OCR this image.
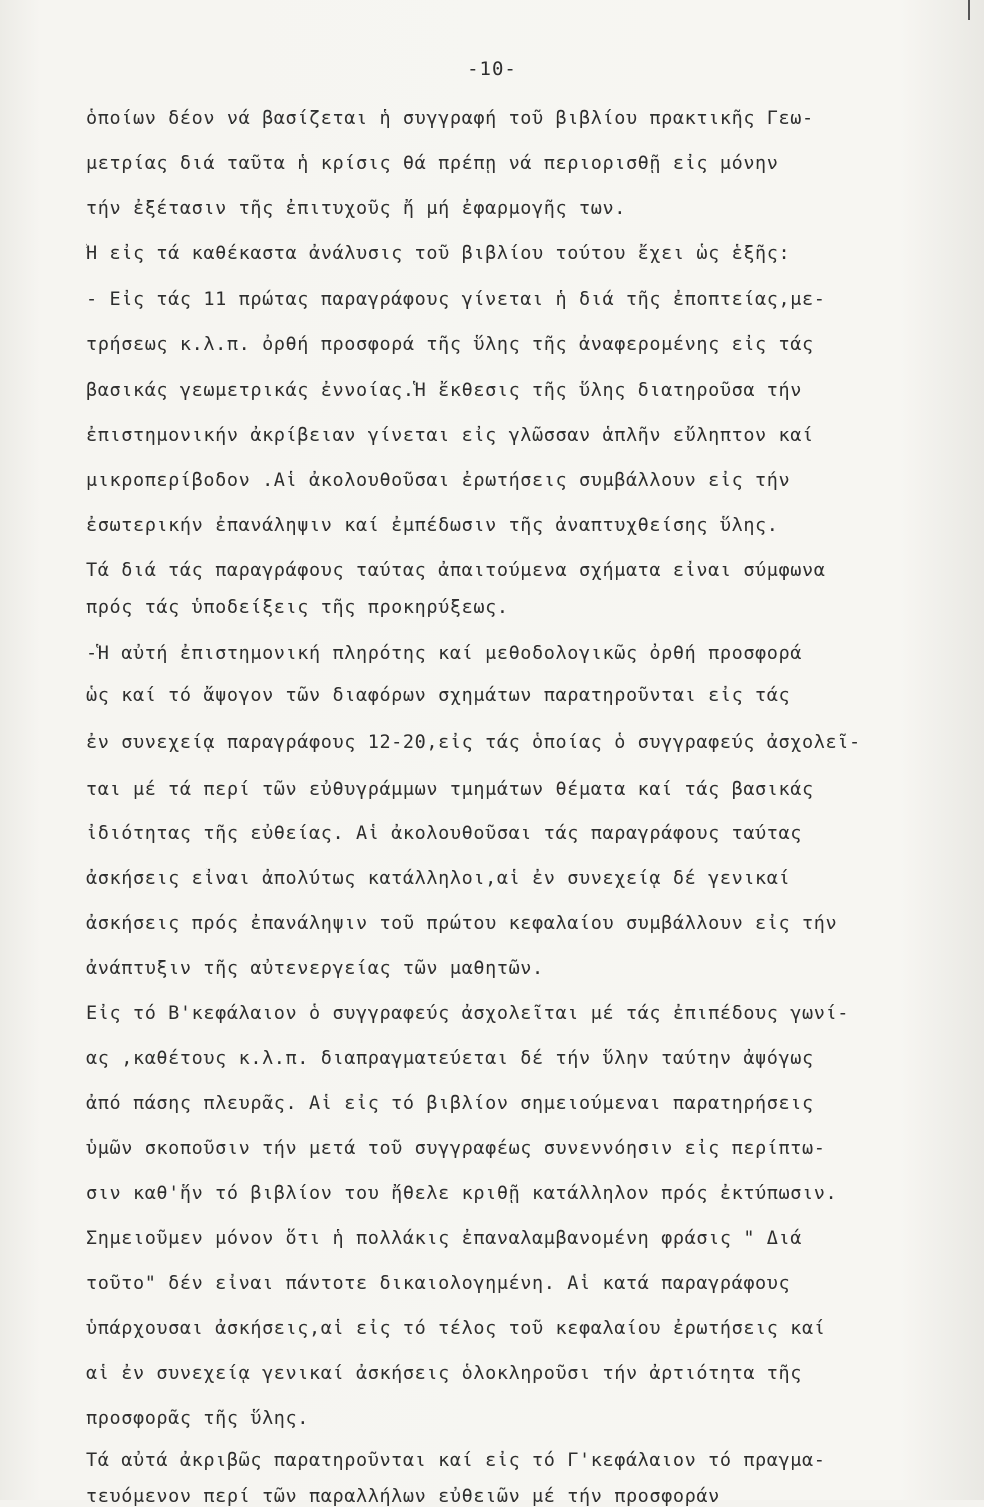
-10-
ὁποίων δέον νά βασίζεται ἡ συγγραφή τοῦ βιβλίου πρακτικῆς Γεω-
μετρίας διά ταῦτα ἡ κρίσις θά πρέπῃ νά περιορισθῇ εἰς μόνην
τήν ἐξέτασιν τῆς ἐπιτυχοῦς ἤ μή ἐφαρμογῆς των.
Ἡ εἰς τά καθέκαστα ἀνάλυσις τοῦ βιβλίου τούτου ἔχει ὡς ἑξῆς:
- Εἰς τάς 11 πρώτας παραγράφους γίνεται ἡ διά τῆς ἐποπτείας,με-
τρήσεως κ.λ.π. ὀρθή προσφορά τῆς ὕλης τῆς ἀναφερομένης εἰς τάς
βασικάς γεωμετρικάς ἐννοίας.Ἡ ἔκθεσις τῆς ὕλης διατηροῦσα τήν
ἐπιστημονικήν ἀκρίβειαν γίνεται εἰς γλῶσσαν ἁπλῆν εὔληπτον καί
μικροπερίβοδον .Αἱ ἀκολουθοῦσαι ἐρωτήσεις συμβάλλουν εἰς τήν
ἐσωτερικήν ἐπανάληψιν καί ἐμπέδωσιν τῆς ἀναπτυχθείσης ὕλης.
Τά διά τάς παραγράφους ταύτας ἀπαιτούμενα σχήματα εἶναι σύμφωνα
πρός τάς ὑποδείξεις τῆς προκηρύξεως.
-Ἡ αὐτή ἐπιστημονική πληρότης καί μεθοδολογικῶς ὀρθή προσφορά
ὡς καί τό ἄψογον τῶν διαφόρων σχημάτων παρατηροῦνται εἰς τάς
ἐν συνεχείᾳ παραγράφους 12-20,εἰς τάς ὁποίας ὁ συγγραφεύς ἀσχολεῖ-
ται μέ τά περί τῶν εὐθυγράμμων τμημάτων θέματα καί τάς βασικάς
ἰδιότητας τῆς εὐθείας. Αἱ ἀκολουθοῦσαι τάς παραγράφους ταύτας
ἀσκήσεις εἶναι ἀπολύτως κατάλληλοι,αἱ ἐν συνεχείᾳ δέ γενικαί
ἀσκήσεις πρός ἐπανάληψιν τοῦ πρώτου κεφαλαίου συμβάλλουν εἰς τήν
ἀνάπτυξιν τῆς αὐτενεργείας τῶν μαθητῶν.
Εἰς τό Β'κεφάλαιον ὁ συγγραφεύς ἀσχολεῖται μέ τάς ἐπιπέδους γωνί-
ας ,καθέτους κ.λ.π. διαπραγματεύεται δέ τήν ὕλην ταύτην ἀψόγως
ἀπό πάσης πλευρᾶς. Αἱ εἰς τό βιβλίον σημειούμεναι παρατηρήσεις
ὑμῶν σκοποῦσιν τήν μετά τοῦ συγγραφέως συνεννόησιν εἰς περίπτω-
σιν καθ'ἥν τό βιβλίον του ἤθελε κριθῇ κατάλληλον πρός ἐκτύπωσιν.
Σημειοῦμεν μόνον ὅτι ἡ πολλάκις ἐπαναλαμβανομένη φράσις " Διά
τοῦτο" δέν εἶναι πάντοτε δικαιολογημένη. Αἱ κατά παραγράφους
ὑπάρχουσαι ἀσκήσεις,αἱ εἰς τό τέλος τοῦ κεφαλαίου ἐρωτήσεις καί
αἱ ἐν συνεχείᾳ γενικαί ἀσκήσεις ὁλοκληροῦσι τήν ἀρτιότητα τῆς
προσφορᾶς τῆς ὕλης.
Τά αὐτά ἀκριβῶς παρατηροῦνται καί εἰς τό Γ'κεφάλαιον τό πραγμα-
τευόμενον περί τῶν παραλλήλων εὐθειῶν μέ τήν προσφοράν
